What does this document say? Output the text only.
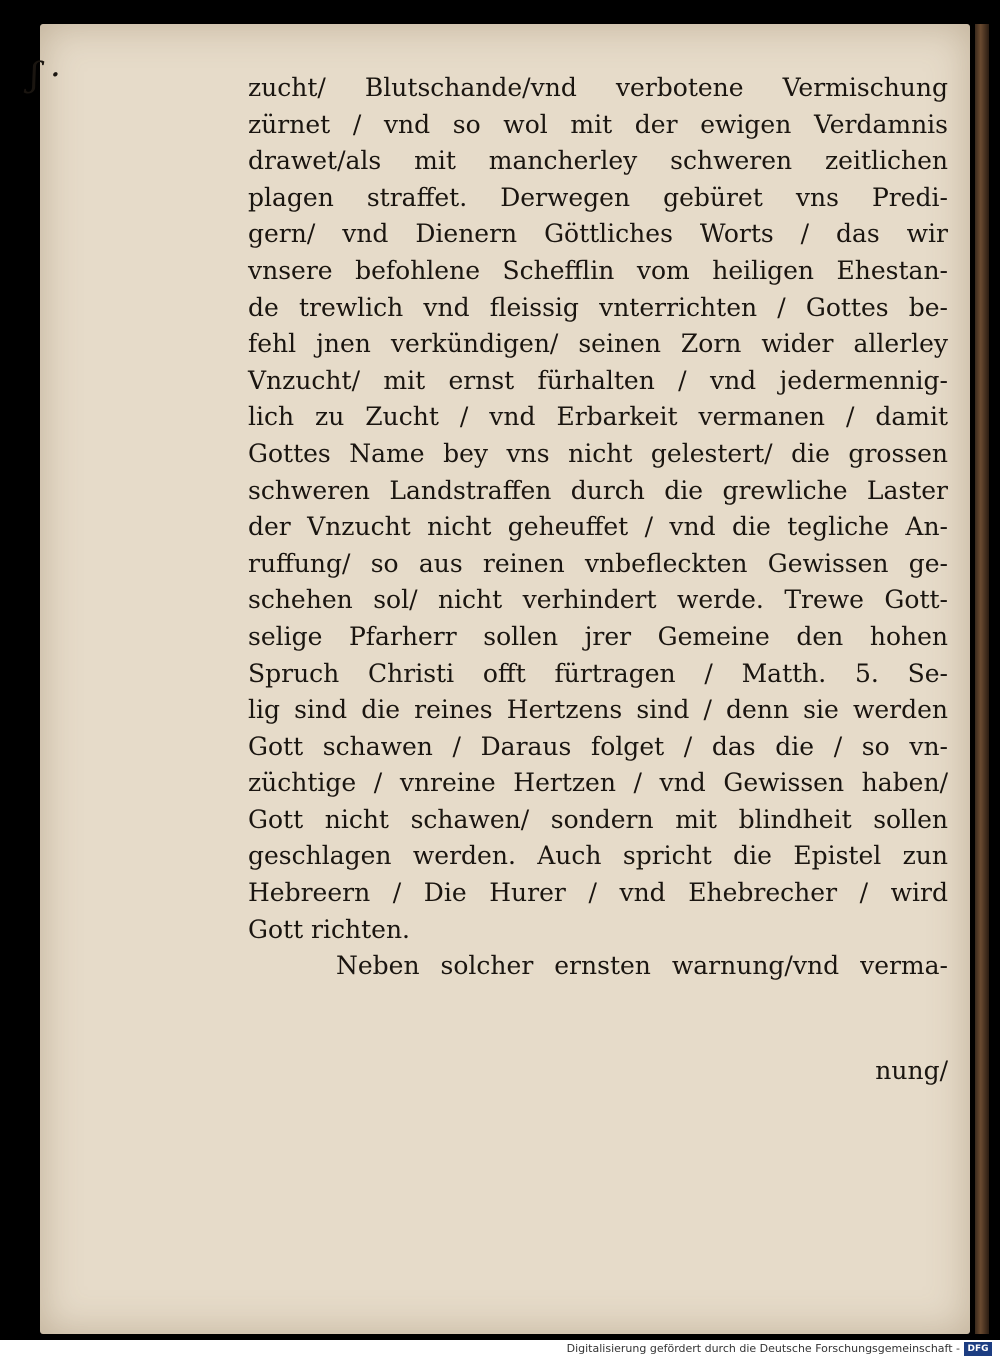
ʃ ·	zucht/ Blutschande/vnd verbotene Vermischung
zürnet / vnd so wol mit der ewigen Verdamnis
drawet/als mit mancherley schweren zeitlichen
plagen straffet. Derwegen gebüret vns Predi-
gern/ vnd Dienern Göttliches Worts / das wir
vnsere befohlene Schefflin vom heiligen Ehestan-
de trewlich vnd fleissig vnterrichten / Gottes be-
fehl jnen verkündigen/ seinen Zorn wider allerley
Vnzucht/ mit ernst fürhalten / vnd jedermennig-
lich zu Zucht / vnd Erbarkeit vermanen / damit
Gottes Name bey vns nicht gelestert/ die grossen
schweren Landstraffen durch die grewliche Laster
der Vnzucht nicht geheuffet / vnd die tegliche An-
ruffung/ so aus reinen vnbefleckten Gewissen ge-
schehen sol/ nicht verhindert werde. Trewe Gott-
selige Pfarherr sollen jrer Gemeine den hohen
Spruch Christi offt fürtragen / Matth. 5. Se-
lig sind die reines Hertzens sind / denn sie werden
Gott schawen / Daraus folget / das die / so vn-
züchtige / vnreine Hertzen / vnd Gewissen haben/
Gott nicht schawen/ sondern mit blindheit sollen
geschlagen werden. Auch spricht die Epistel zun
Hebreern / Die Hurer / vnd Ehebrecher / wird
Gott richten.
Neben solcher ernsten warnung/vnd verma-
nung/
Digitalisierung gefördert durch die Deutsche Forschungsgemeinschaft - DFG
